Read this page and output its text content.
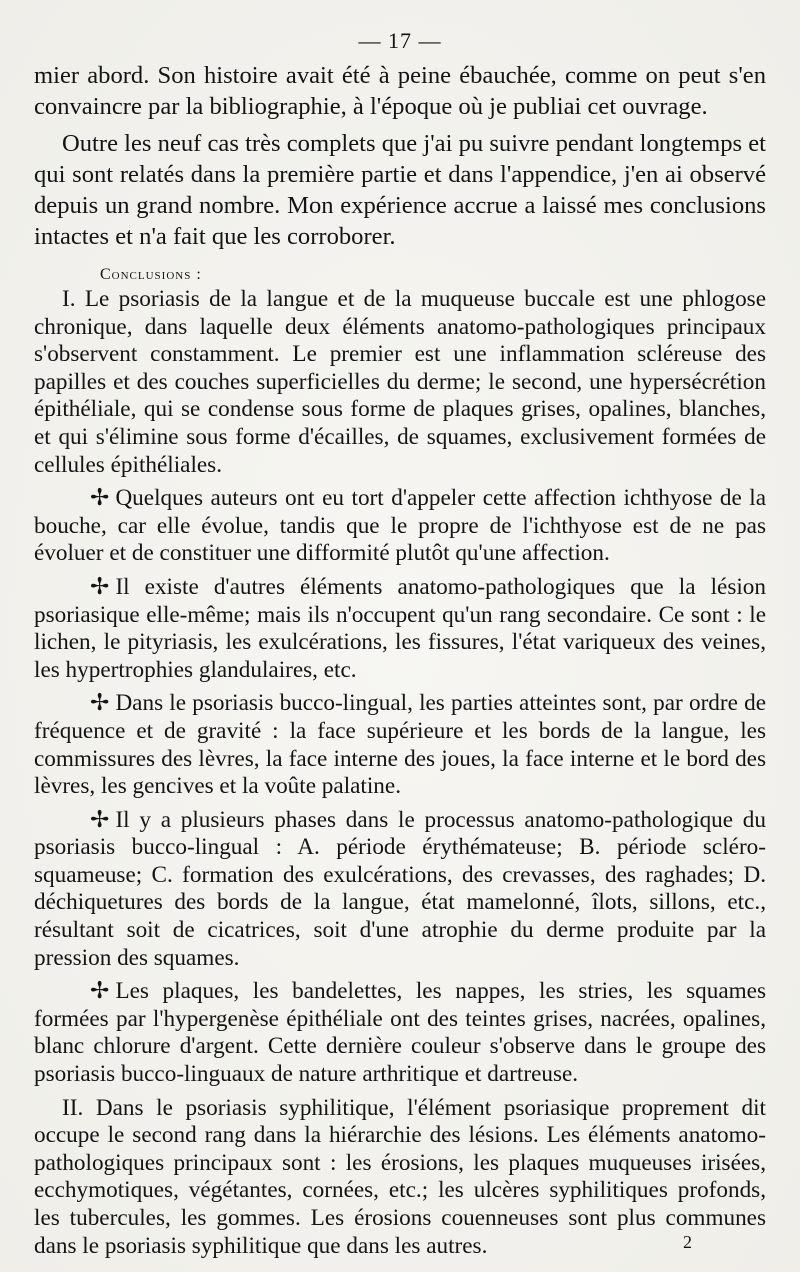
— 17 —

mier abord. Son histoire avait été à peine ébauchée, comme on peut s'en convaincre par la bibliographie, à l'époque où je publiai cet ouvrage.

Outre les neuf cas très complets que j'ai pu suivre pendant longtemps et qui sont relatés dans la première partie et dans l'appendice, j'en ai observé depuis un grand nombre. Mon expérience accrue a laissé mes conclusions intactes et n'a fait que les corroborer.

Conclusions :

I. Le psoriasis de la langue et de la muqueuse buccale est une phlogose chronique, dans laquelle deux éléments anatomo-pathologiques principaux s'observent constamment. Le premier est une inflammation scléreuse des papilles et des couches superficielles du derme; le second, une hypersécrétion épithéliale, qui se condense sous forme de plaques grises, opalines, blanches, et qui s'élimine sous forme d'écailles, de squames, exclusivement formées de cellules épithéliales.

✢ Quelques auteurs ont eu tort d'appeler cette affection ichthyose de la bouche, car elle évolue, tandis que le propre de l'ichthyose est de ne pas évoluer et de constituer une difformité plutôt qu'une affection.

✢ Il existe d'autres éléments anatomo-pathologiques que la lésion psoriasique elle-même; mais ils n'occupent qu'un rang secondaire. Ce sont : le lichen, le pityriasis, les exulcérations, les fissures, l'état variqueux des veines, les hypertrophies glandulaires, etc.

✢ Dans le psoriasis bucco-lingual, les parties atteintes sont, par ordre de fréquence et de gravité : la face supérieure et les bords de la langue, les commissures des lèvres, la face interne des joues, la face interne et le bord des lèvres, les gencives et la voûte palatine.

✢ Il y a plusieurs phases dans le processus anatomo-pathologique du psoriasis bucco-lingual : A. période érythémateuse; B. période scléro-squameuse; C. formation des exulcérations, des crevasses, des raghades; D. déchiquetures des bords de la langue, état mamelonné, îlots, sillons, etc., résultant soit de cicatrices, soit d'une atrophie du derme produite par la pression des squames.

✢ Les plaques, les bandelettes, les nappes, les stries, les squames formées par l'hypergenèse épithéliale ont des teintes grises, nacrées, opalines, blanc chlorure d'argent. Cette dernière couleur s'observe dans le groupe des psoriasis bucco-linguaux de nature arthritique et dartreuse.

II. Dans le psoriasis syphilitique, l'élément psoriasique proprement dit occupe le second rang dans la hiérarchie des lésions. Les éléments anatomo-pathologiques principaux sont : les érosions, les plaques muqueuses irisées, ecchymotiques, végétantes, cornées, etc.; les ulcères syphilitiques profonds, les tubercules, les gommes. Les érosions couenneuses sont plus communes dans le psoriasis syphilitique que dans les autres.	2
